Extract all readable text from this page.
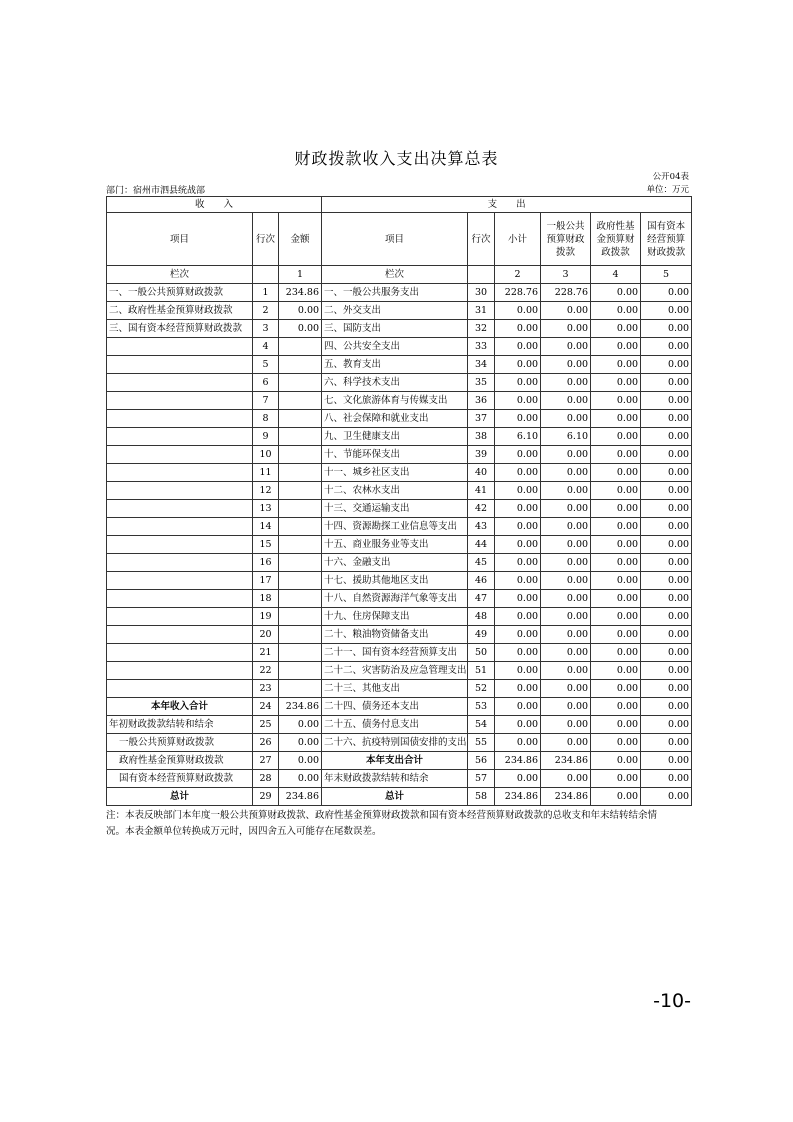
财政拨款收入支出决算总表
公开04表
部门：宿州市泗县统战部	单位：万元
收　　入			支　　出					
项目	行次	金额	项目	行次	小计	一般公共预算财政拨款	政府性基金预算财政拨款	国有资本经营预算财政拨款
栏次		1	栏次		2	3	4	5
一、一般公共预算财政拨款	1	234.86	一、一般公共服务支出	30	228.76	228.76	0.00	0.00
二、政府性基金预算财政拨款	2	0.00	二、外交支出	31	0.00	0.00	0.00	0.00
三、国有资本经营预算财政拨款	3	0.00	三、国防支出	32	0.00	0.00	0.00	0.00
	4		四、公共安全支出	33	0.00	0.00	0.00	0.00
	5		五、教育支出	34	0.00	0.00	0.00	0.00
	6		六、科学技术支出	35	0.00	0.00	0.00	0.00
	7		七、文化旅游体育与传媒支出	36	0.00	0.00	0.00	0.00
	8		八、社会保障和就业支出	37	0.00	0.00	0.00	0.00
	9		九、卫生健康支出	38	6.10	6.10	0.00	0.00
	10		十、节能环保支出	39	0.00	0.00	0.00	0.00
	11		十一、城乡社区支出	40	0.00	0.00	0.00	0.00
	12		十二、农林水支出	41	0.00	0.00	0.00	0.00
	13		十三、交通运输支出	42	0.00	0.00	0.00	0.00
	14		十四、资源勘探工业信息等支出	43	0.00	0.00	0.00	0.00
	15		十五、商业服务业等支出	44	0.00	0.00	0.00	0.00
	16		十六、金融支出	45	0.00	0.00	0.00	0.00
	17		十七、援助其他地区支出	46	0.00	0.00	0.00	0.00
	18		十八、自然资源海洋气象等支出	47	0.00	0.00	0.00	0.00
	19		十九、住房保障支出	48	0.00	0.00	0.00	0.00
	20		二十、粮油物资储备支出	49	0.00	0.00	0.00	0.00
	21		二十一、国有资本经营预算支出	50	0.00	0.00	0.00	0.00
	22		二十二、灾害防治及应急管理支出	51	0.00	0.00	0.00	0.00
	23		二十三、其他支出	52	0.00	0.00	0.00	0.00
本年收入合计	24	234.86	二十四、债务还本支出	53	0.00	0.00	0.00	0.00
年初财政拨款结转和结余	25	0.00	二十五、债务付息支出	54	0.00	0.00	0.00	0.00
一般公共预算财政拨款	26	0.00	二十六、抗疫特别国债安排的支出	55	0.00	0.00	0.00	0.00
政府性基金预算财政拨款	27	0.00	本年支出合计	56	234.86	234.86	0.00	0.00
国有资本经营预算财政拨款	28	0.00	年末财政拨款结转和结余	57	0.00	0.00	0.00	0.00
总计	29	234.86	总计	58	234.86	234.86	0.00	0.00
注：本表反映部门本年度一般公共预算财政拨款、政府性基金预算财政拨款和国有资本经营预算财政拨款的总收支和年末结转结余情
况。本表金额单位转换成万元时，因四舍五入可能存在尾数误差。
-10-
